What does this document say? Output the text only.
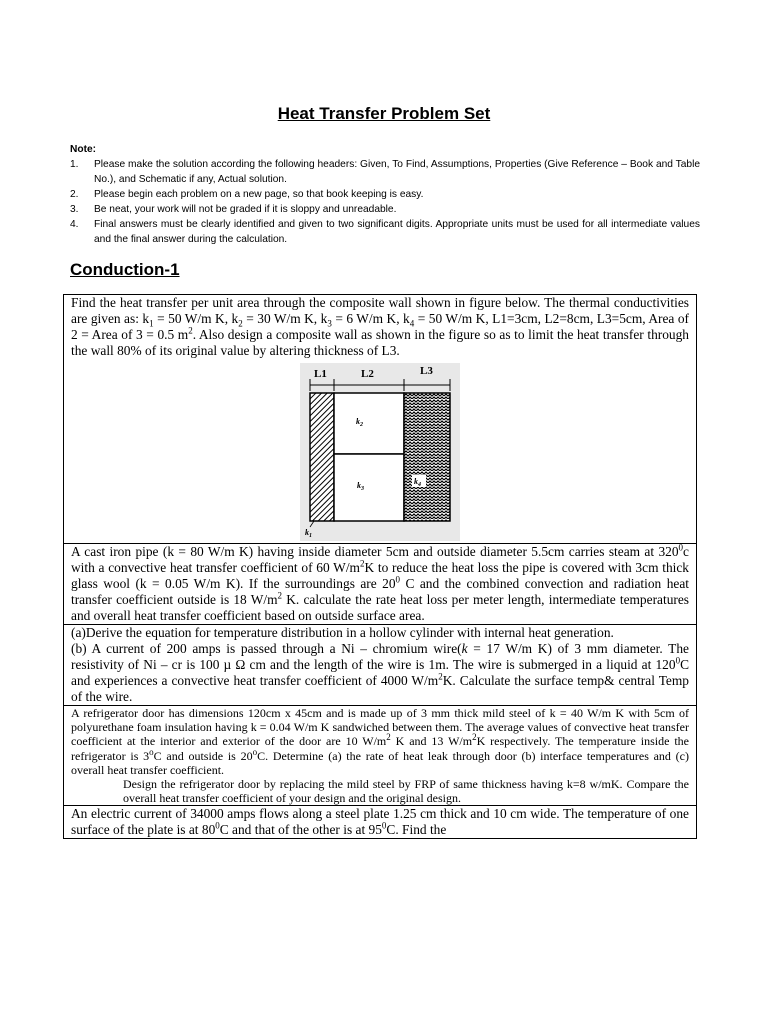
Heat Transfer Problem Set
Note:
1.	Please make the solution according the following headers: Given, To Find, Assumptions, Properties (Give Reference – Book and Table No.), and Schematic if any, Actual solution.
2.	Please begin each problem on a new page, so that book keeping is easy.
3.	Be neat, your work will not be graded if it is sloppy and unreadable.
4.	Final answers must be clearly identified and given to two significant digits. Appropriate units must be used for all intermediate values and the final answer during the calculation.
Conduction-1
Find the heat transfer per unit area through the composite wall shown in figure below. The thermal conductivities are given as: $k_1 = 50$ W/m K, $k_2 = 30$ W/m K, $k_3 = 6$ W/m K, $k_4 = 50$ W/m K, L1=3cm, L2=8cm, L3=5cm, Area of 2 = Area of 3 = 0.5 $m^2$. Also design a composite wall as shown in the figure so as to limit the heat transfer through the wall 80% of its original value by altering thickness of L3.
L1	L2	L3
$k_2$
$k_3$
$k_4$
$k_1$

A cast iron pipe (k = 80 W/m K) having inside diameter 5cm and outside diameter 5.5cm carries steam at $320^0c$ with a convective heat transfer coefficient of 60 $W/m^2K$ to reduce the heat loss the pipe is covered with 3cm thick glass wool (k = 0.05 W/m K). If the surroundings are $20^0$ C and the combined convection and radiation heat transfer coefficient outside is 18 $W/m^2$ K. calculate the rate heat loss per meter length, intermediate temperatures and overall heat transfer coefficient based on outside surface area.

(a)Derive the equation for temperature distribution in a hollow cylinder with internal heat generation.
(b) A current of 200 amps is passed through a Ni – chromium wire(k = 17 W/m K) of 3 mm diameter. The resistivity of Ni – cr is 100 µ Ω cm and the length of the wire is 1m. The wire is submerged in a liquid at $120^0C$ and experiences a convective heat transfer coefficient of 4000 $W/m^2K$. Calculate the surface temp& central Temp of the wire.

A refrigerator door has dimensions 120cm x 45cm and is made up of 3 mm thick mild steel of k = 40 W/m K with 5cm of polyurethane foam insulation having k = 0.04 W/m K sandwiched between them. The average values of convective heat transfer coefficient at the interior and exterior of the door are 10 $W/m^2$ K and 13 $W/m^2K$ respectively. The temperature inside the refrigerator is 3$^o$C and outside is 20$^o$C. Determine (a) the rate of heat leak through door (b) interface temperatures and (c) overall heat transfer coefficient.
Design the refrigerator door by replacing the mild steel by FRP of same thickness having k=8 w/mK. Compare the overall heat transfer coefficient of your design and the original design.

An electric current of 34000 amps flows along a steel plate 1.25 cm thick and 10 cm wide. The temperature of one surface of the plate is at $80^0C$ and that of the other is at $95^0C$. Find the
